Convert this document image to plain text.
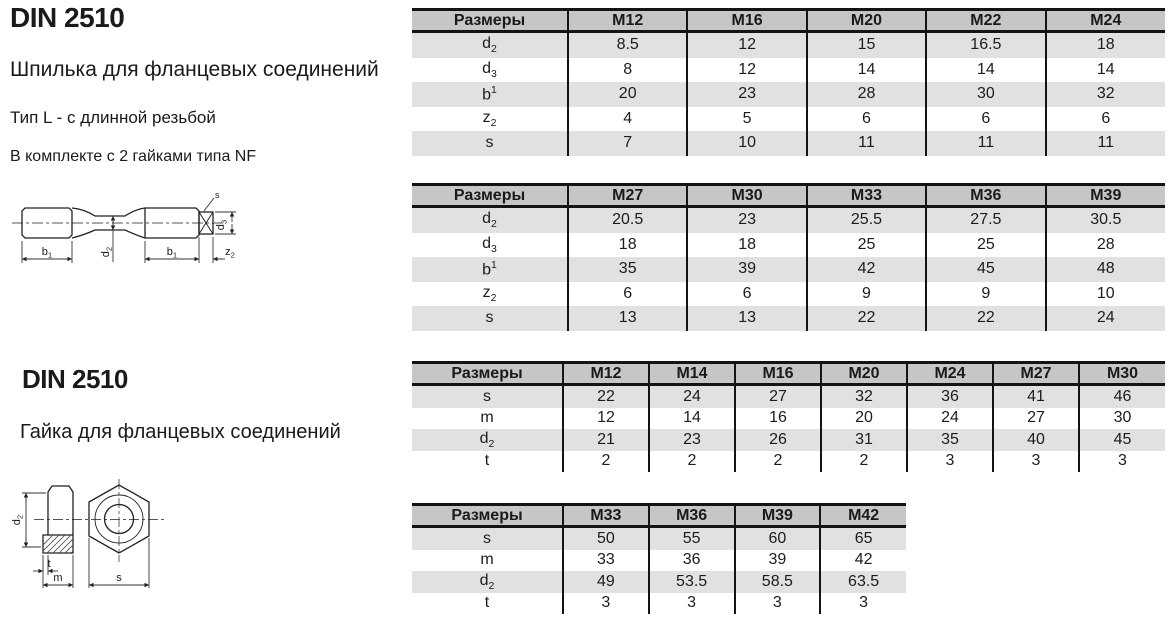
DIN 2510
Шпилька для фланцевых соединений
Тип L - с длинной резьбой
В комплекте с 2 гайками типа NF
$b_1$	$b_1$	$z_2$
$d_2$
$d_3$
s
DIN 2510
Гайка для фланцевых соединений
$d_2$
t
m	s
Размеры	M12	M16	M20	M22	M24
$d_2$	8.5	12	15	16.5	18
$d_3$	8	12	14	14	14
$b^1$	20	23	28	30	32
$z_2$	4	5	6	6	6
s	7	10	11	11	11
Размеры	M27	M30	M33	M36	M39
$d_2$	20.5	23	25.5	27.5	30.5
$d_3$	18	18	25	25	28
$b^1$	35	39	42	45	48
$z_2$	6	6	9	9	10
s	13	13	22	22	24
Размеры	M12	M14	M16	M20	M24	M27	M30
s	22	24	27	32	36	41	46
m	12	14	16	20	24	27	30
$d_2$	21	23	26	31	35	40	45
t	2	2	2	2	3	3	3
Размеры	M33	M36	M39	M42
s	50	55	60	65
m	33	36	39	42
$d_2$	49	53.5	58.5	63.5
t	3	3	3	3
